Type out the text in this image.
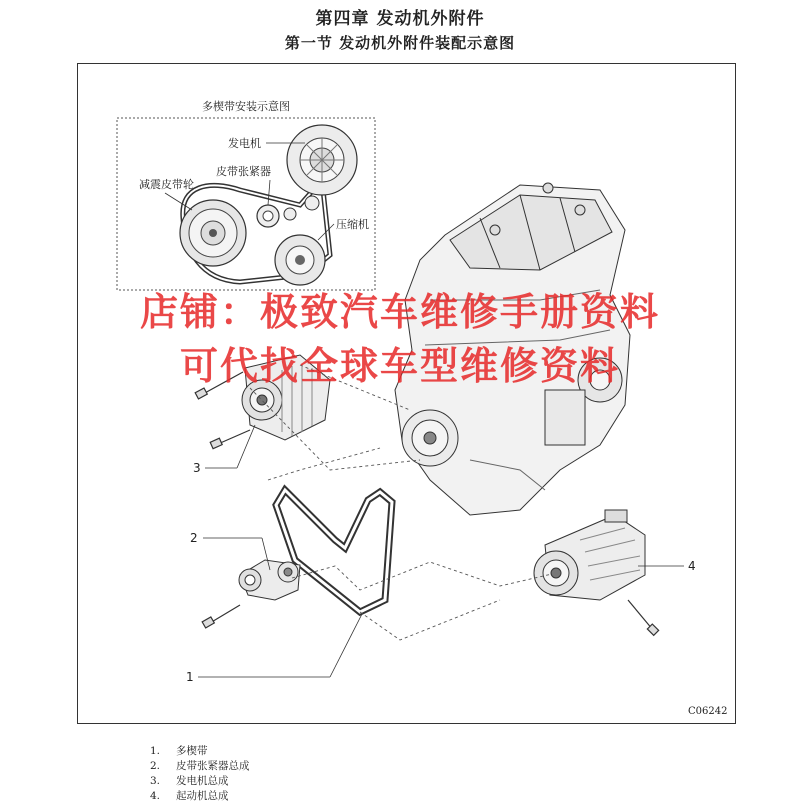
第四章 发动机外附件
第一节 发动机外附件装配示意图
多楔带安装示意图
发电机
皮带张紧器
减震皮带轮
压缩机
3
2
1
4
C06242

店铺：极致汽车维修手册资料

可代找全球车型维修资料

1.	多楔带
2.	皮带张紧器总成
3.	发电机总成
4.	起动机总成
